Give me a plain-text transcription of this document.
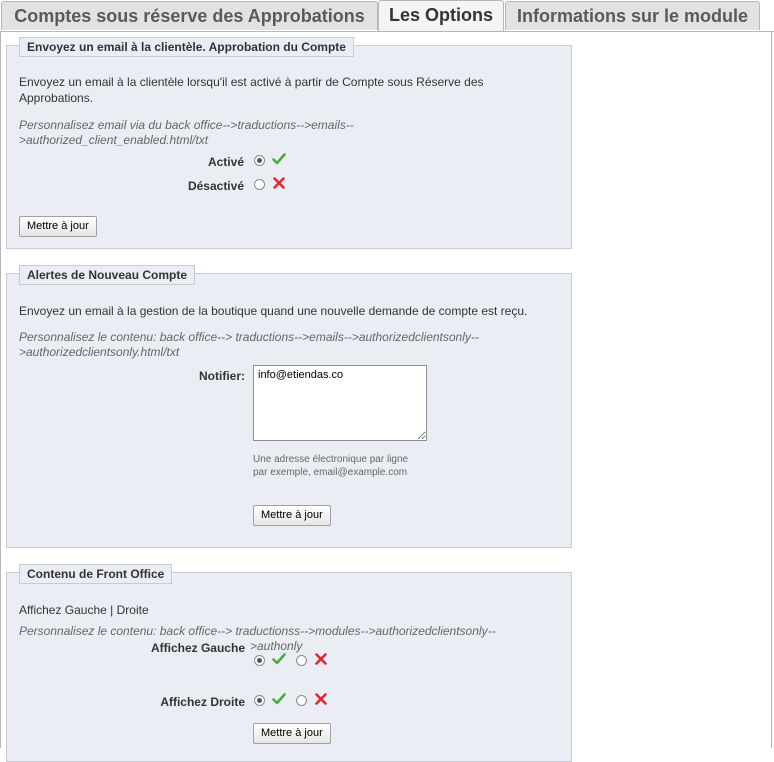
Comptes sous réserve des Approbations	Les Options	Informations sur le module
Envoyez un email à la clientèle. Approbation du Compte
Envoyez un email à la clientèle lorsqu'il est activé à partir de Compte sous Réserve des Approbations.
Personnalisez email via du back office-->traductions-->emails--
>authorized_client_enabled.html/txt
Activé
Désactivé
Mettre à jour
Alertes de Nouveau Compte
Envoyez un email à la gestion de la boutique quand une nouvelle demande de compte est reçu.
Personnalisez le contenu: back office--> traductions-->emails-->authorizedclientsonly--
>authorizedclientsonly.html/txt
Notifier:
info@etiendas.co
Une adresse électronique par ligne
par exemple, email@example.com
Mettre à jour
Contenu de Front Office
Affichez Gauche | Droite
Personnalisez le contenu: back office--> traductionss-->modules-->authorizedclientsonly--
Affichez Gauche >authonly
Affichez Droite
Mettre à jour
